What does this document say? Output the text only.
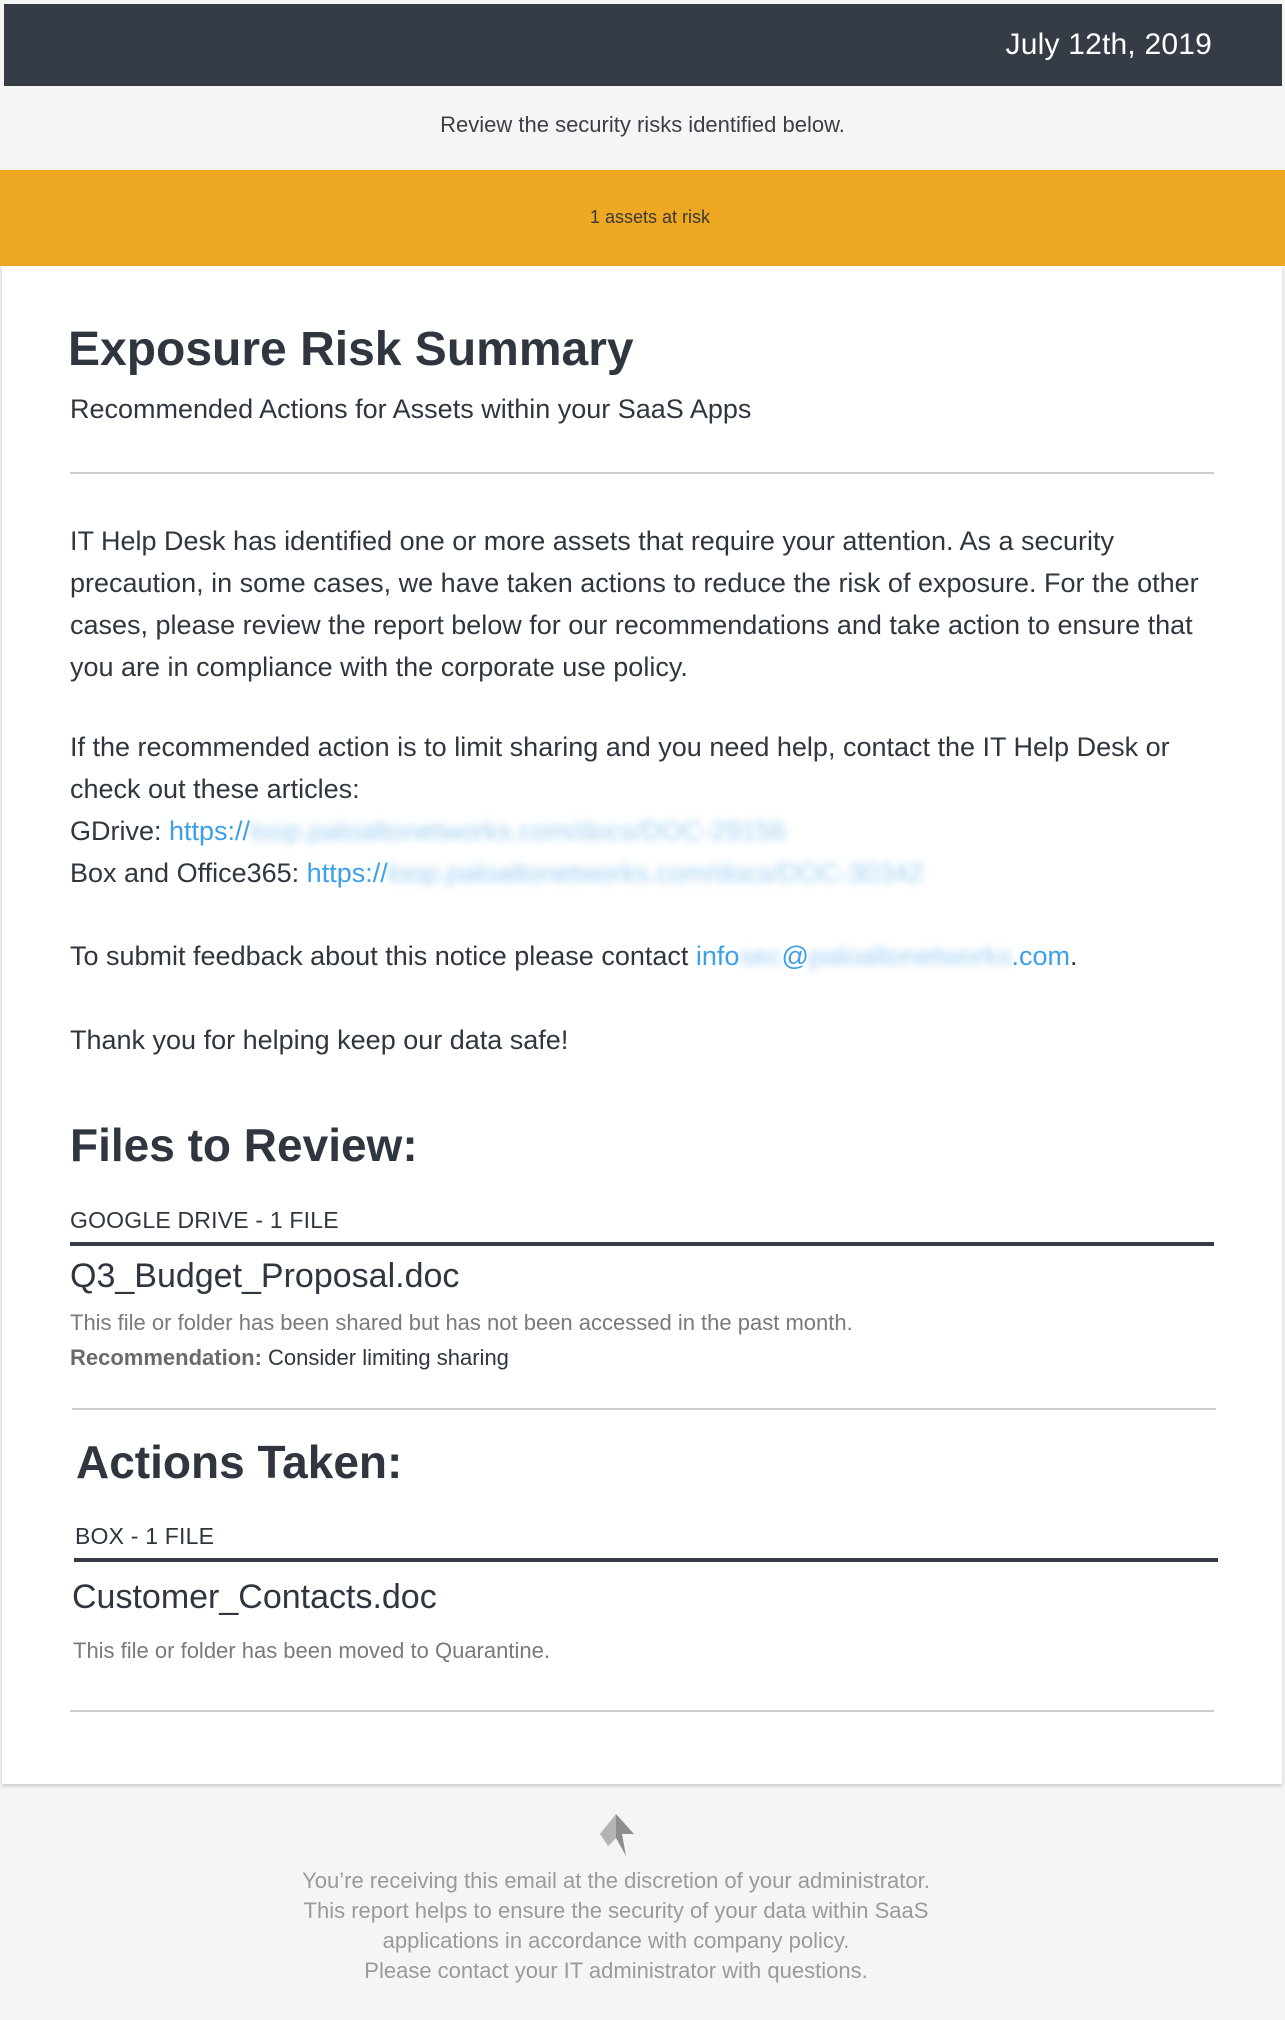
July 12th, 2019
Review the security risks identified below.
1 assets at risk
Exposure Risk Summary
Recommended Actions for Assets within your SaaS Apps
IT Help Desk has identified one or more assets that require your attention. As a security precaution, in some cases, we have taken actions to reduce the risk of exposure. For the other cases, please review the report below for our recommendations and take action to ensure that you are in compliance with the corporate use policy.
If the recommended action is to limit sharing and you need help, contact the IT Help Desk or check out these articles:
GDrive: https://loop.paloaltonetworks.com/docs/DOC-29156
Box and Office365: https://loop.paloaltonetworks.com/docs/DOC-30342
To submit feedback about this notice please contact infosec@paloaltonetworks.com.
Thank you for helping keep our data safe!
Files to Review:
GOOGLE DRIVE - 1 FILE
Q3_Budget_Proposal.doc
This file or folder has been shared but has not been accessed in the past month.
Recommendation: Consider limiting sharing
Actions Taken:
BOX - 1 FILE
Customer_Contacts.doc
This file or folder has been moved to Quarantine.
You’re receiving this email at the discretion of your administrator.
This report helps to ensure the security of your data within SaaS
applications in accordance with company policy.
Please contact your IT administrator with questions.
